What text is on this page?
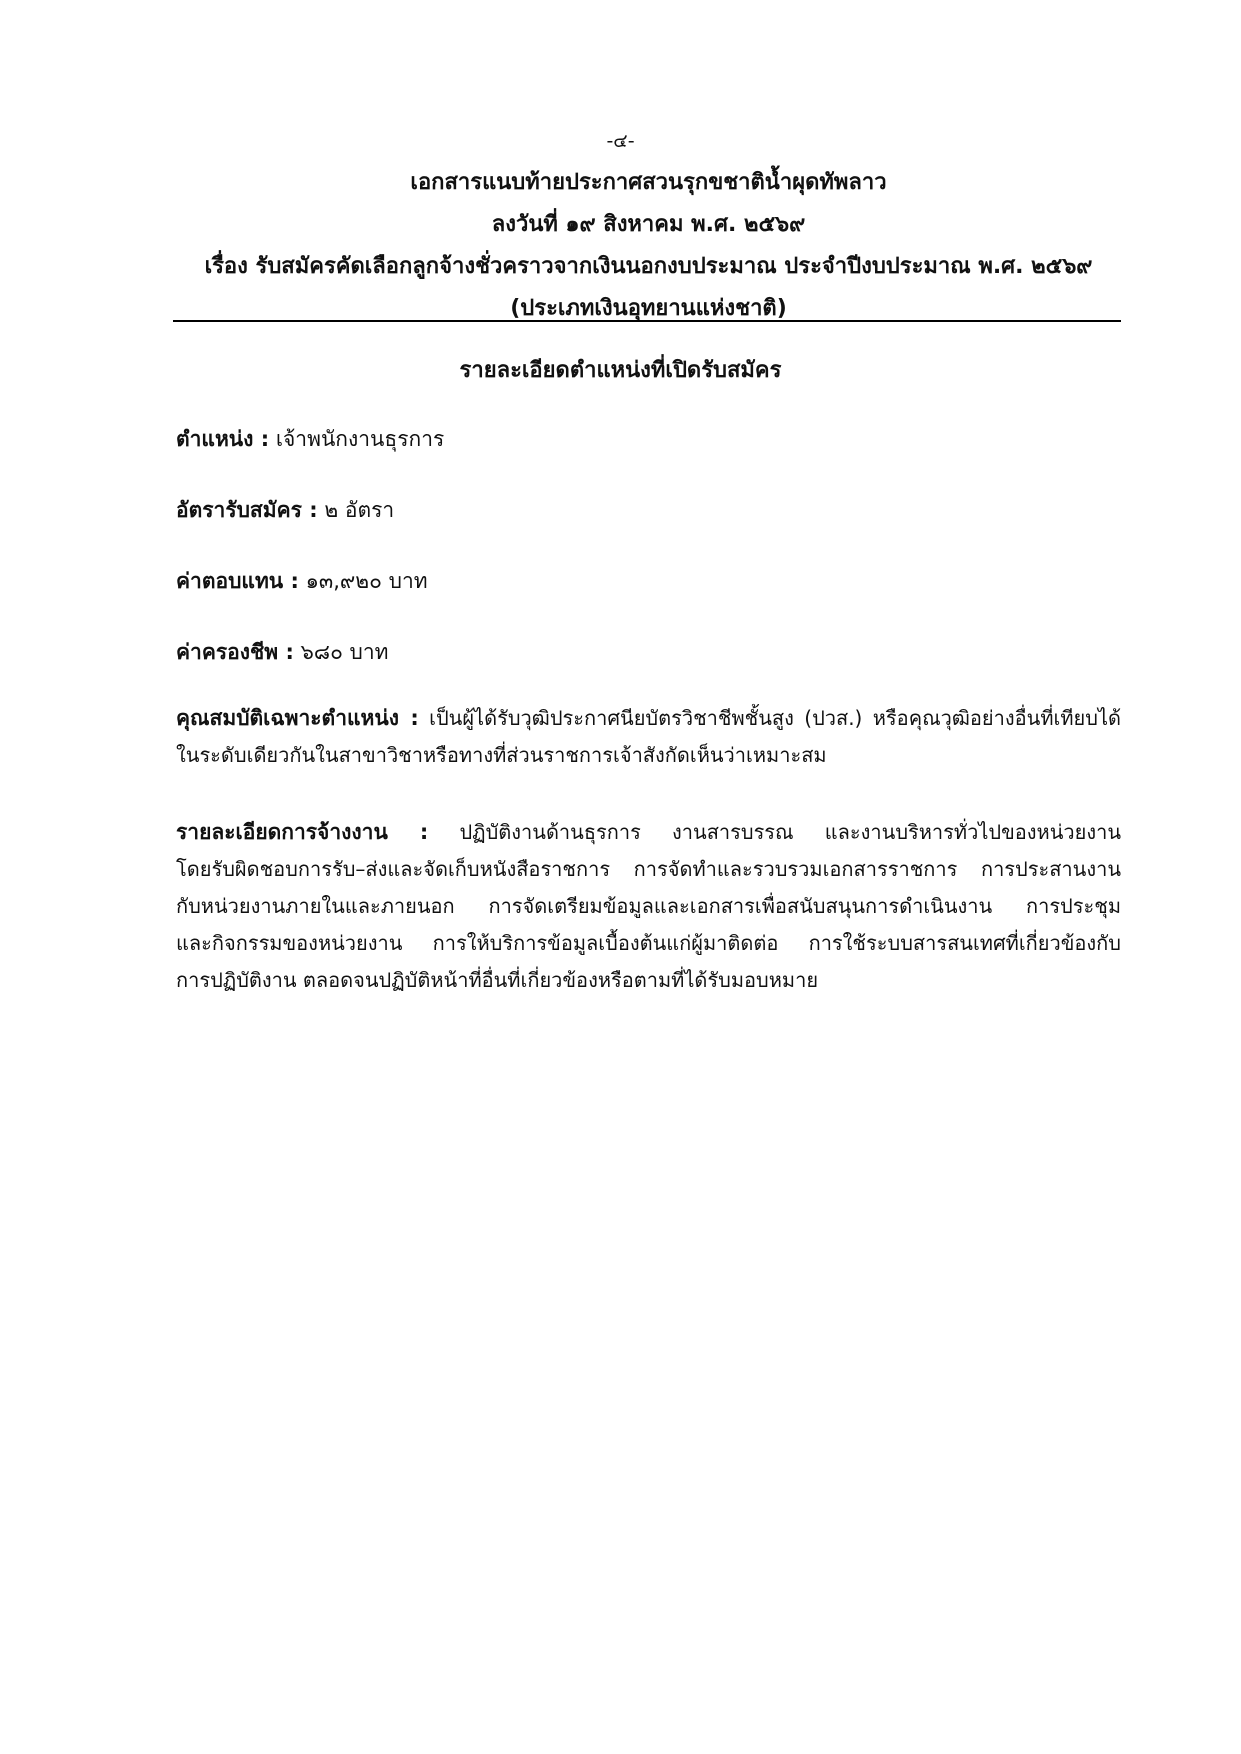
-๔-
เอกสารแนบท้ายประกาศสวนรุกขชาติน้ำผุดทัพลาว
ลงวันที่ ๑๙ สิงหาคม พ.ศ. ๒๕๖๙
เรื่อง รับสมัครคัดเลือกลูกจ้างชั่วคราวจากเงินนอกงบประมาณ ประจำปีงบประมาณ พ.ศ. ๒๕๖๙
(ประเภทเงินอุทยานแห่งชาติ)
รายละเอียดตำแหน่งที่เปิดรับสมัคร
ตำแหน่ง : เจ้าพนักงานธุรการ
อัตรารับสมัคร : ๒ อัตรา
ค่าตอบแทน : ๑๓,๙๒๐ บาท
ค่าครองชีพ : ๖๘๐ บาท
คุณสมบัติเฉพาะตำแหน่ง : เป็นผู้ได้รับวุฒิประกาศนียบัตรวิชาชีพชั้นสูง (ปวส.) หรือคุณวุฒิอย่างอื่นที่เทียบได้
ในระดับเดียวกันในสาขาวิชาหรือทางที่ส่วนราชการเจ้าสังกัดเห็นว่าเหมาะสม
รายละเอียดการจ้างงาน : ปฏิบัติงานด้านธุรการ งานสารบรรณ และงานบริหารทั่วไปของหน่วยงาน
โดยรับผิดชอบการรับ–ส่งและจัดเก็บหนังสือราชการ การจัดทำและรวบรวมเอกสารราชการ การประสานงาน
กับหน่วยงานภายในและภายนอก การจัดเตรียมข้อมูลและเอกสารเพื่อสนับสนุนการดำเนินงาน การประชุม
และกิจกรรมของหน่วยงาน การให้บริการข้อมูลเบื้องต้นแก่ผู้มาติดต่อ การใช้ระบบสารสนเทศที่เกี่ยวข้องกับ
การปฏิบัติงาน ตลอดจนปฏิบัติหน้าที่อื่นที่เกี่ยวข้องหรือตามที่ได้รับมอบหมาย
